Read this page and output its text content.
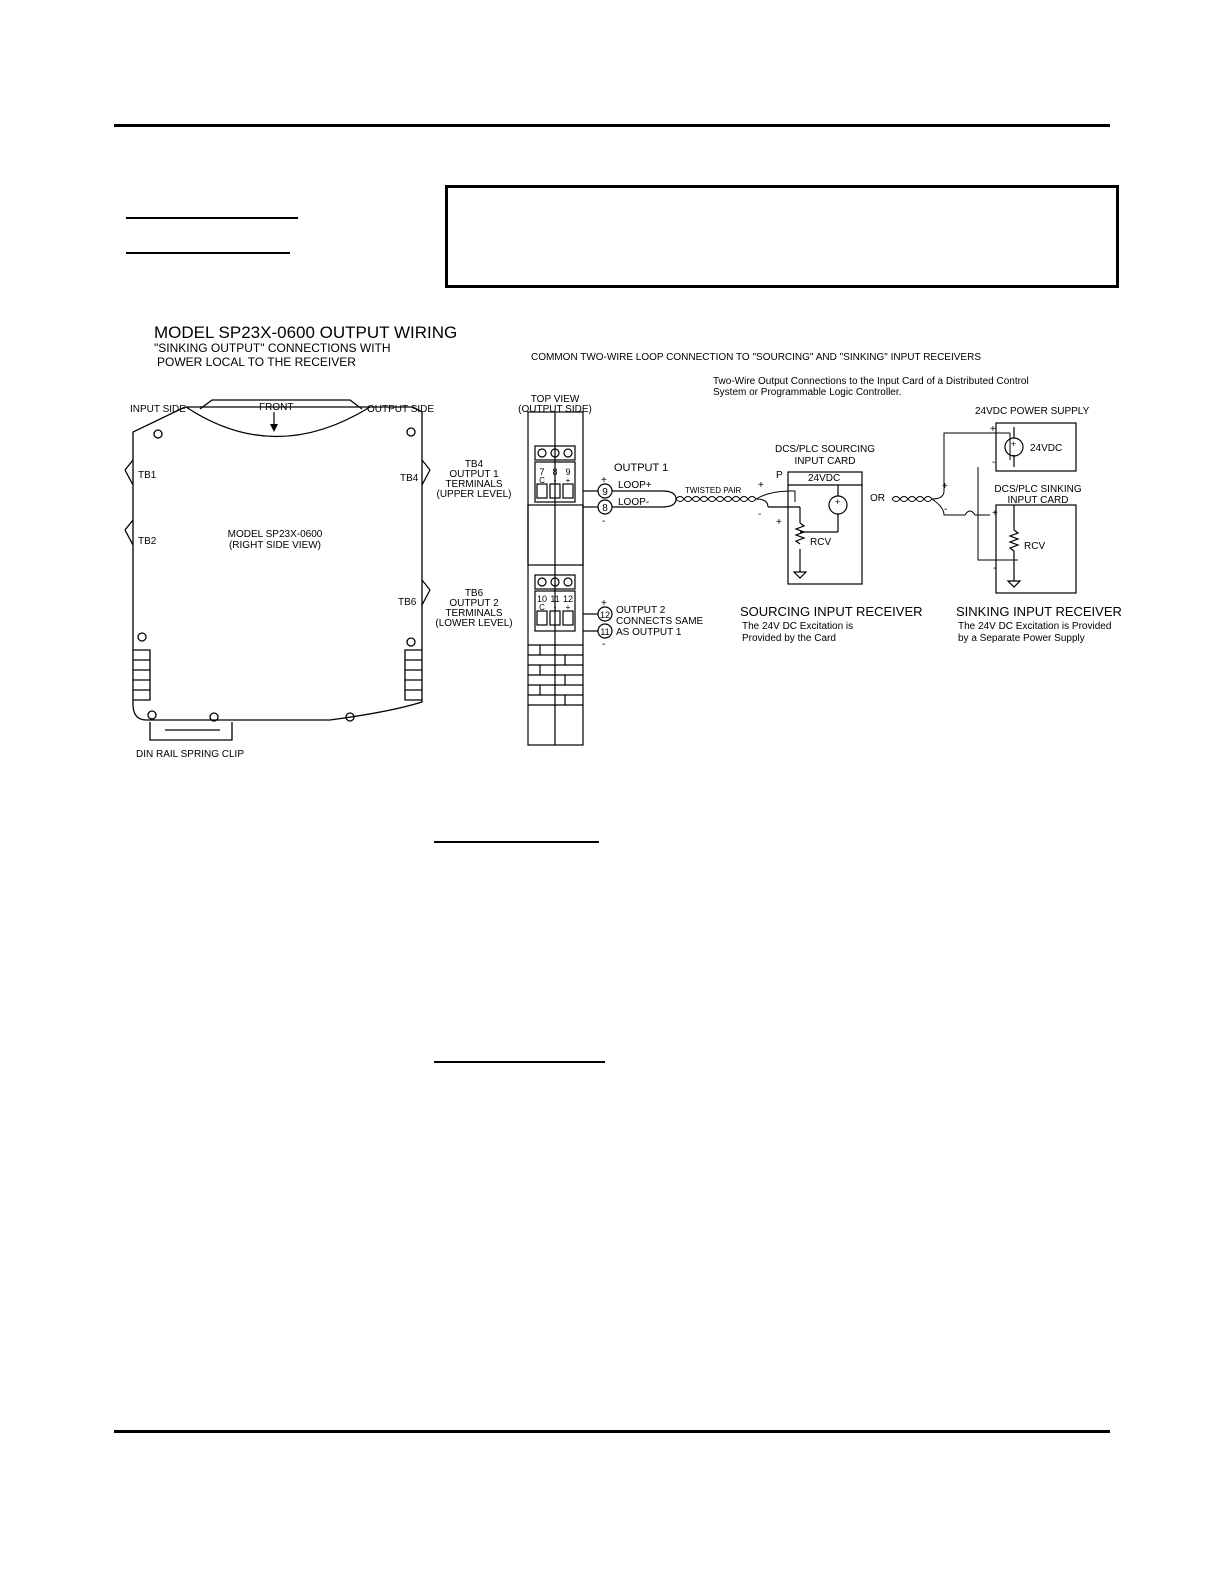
MODEL SP23X-0600 OUTPUT WIRING
"SINKING OUTPUT" CONNECTIONS WITH
POWER LOCAL TO THE RECEIVER
INPUT SIDE	FRONT	OUTPUT SIDE
TB1
TB2
TB4
TB6
MODEL SP23X-0600
(RIGHT SIDE VIEW)
DIN RAIL SPRING CLIP
TOP VIEW
(OUTPUT SIDE)
7 8 9
C - +
10 11 12
C - +
TB4
OUTPUT 1
TERMINALS
(UPPER LEVEL)
TB6
OUTPUT 2
TERMINALS
(LOWER LEVEL)
OUTPUT 1
+
9
8
-
LOOP+
LOOP-
TWISTED PAIR
+
12
11
-
OUTPUT 2
CONNECTS SAME
AS OUTPUT 1
COMMON TWO-WIRE LOOP CONNECTION TO "SOURCING" AND "SINKING" INPUT RECEIVERS
Two-Wire Output Connections to the Input Card of a Distributed Control
System or Programmable Logic Controller.
DCS/PLC SOURCING
INPUT CARD
24VDC
P
+
-
+
+
-
RCV
SOURCING INPUT RECEIVER
The 24V DC Excitation is
Provided by the Card
OR
24VDC POWER SUPPLY
24VDC
+
-
+
-
DCS/PLC SINKING
INPUT CARD
+
-	+
-
RCV
SINKING INPUT RECEIVER
The 24V DC Excitation is Provided
by a Separate Power Supply
